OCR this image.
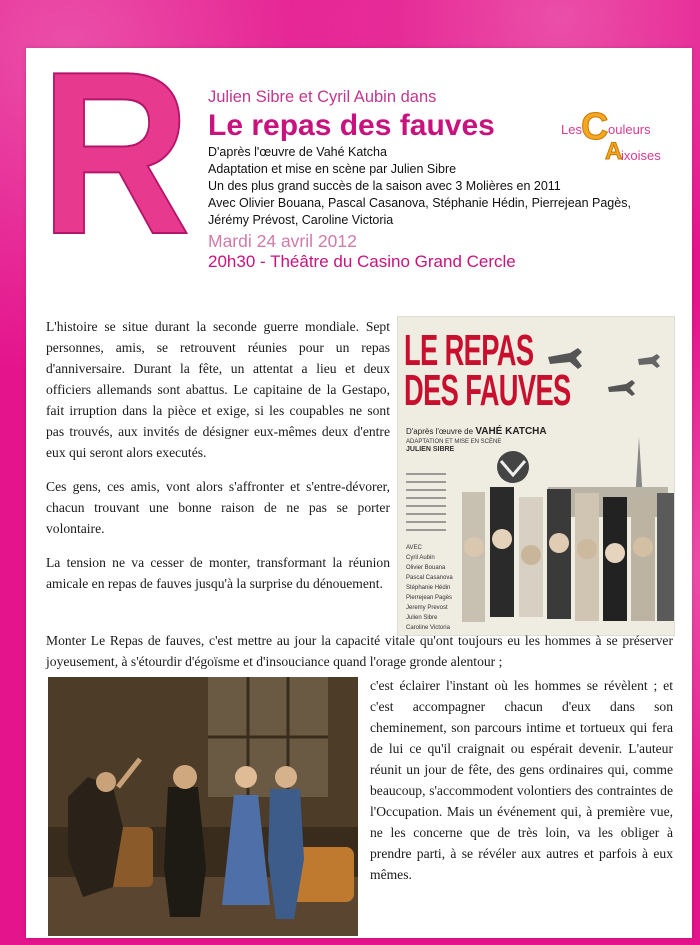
R Julien Sibre et Cyril Aubin dans

Le repas des fauves

D'après l'œuvre de Vahé Katcha

Adaptation et mise en scène par Julien Sibre

Un des plus grand succès de la saison avec 3 Molières en 2011

Avec Olivier Bouana, Pascal Casanova, Stéphanie Hédin, Pierrejean Pagès,

Jérémy Prévost, Caroline Victoria

Mardi 24 avril 2012
20h30 - Théâtre du Casino Grand Cercle
Les C ouleurs
A
ixoises

L'histoire se situe durant la seconde guerre mondiale. Sept personnes, amis, se retrouvent réunies pour un repas d'anniversaire. Durant la fête, un attentat a lieu et deux officiers allemands sont abattus. Le capitaine de la Gestapo, fait irruption dans la pièce et exige, si les coupables ne sont pas trouvés, aux invités de désigner eux-mêmes deux d'entre eux qui seront alors executés.

Ces gens, ces amis, vont alors s'affronter et s'entre-dévorer, chacun trouvant une bonne raison de ne pas se porter volontaire.

La tension ne va cesser de monter, transformant la réunion amicale en repas de fauves jusqu'à la surprise du dénouement.

LE REPAS
DES FAUVES
D'après l'œuvre de VAHÉ KATCHA
ADAPTATION ET MISE EN SCÈNE
JULIEN SIBRE
AVEC
Cyril Aubin
Olivier Bouana
Pascal Casanova
Stéphanie Hédin
Pierrejean Pagès
Jeremy Prevost
Julien Sibre
Caroline Victoria

Monter Le Repas de fauves, c'est mettre au jour la capacité vitale qu'ont toujours eu les hommes à se préserver joyeusement, à s'étourdir d'égoïsme et d'insouciance quand l'orage gronde alentour ;

c'est éclairer l'instant où les hommes se révèlent ; et c'est accompagner chacun d'eux dans son cheminement, son parcours intime et tortueux qui fera de lui ce qu'il craignait ou espérait devenir. L'auteur réunit un jour de fête, des gens ordinaires qui, comme beaucoup, s'accommodent volontiers des contraintes de l'Occupation. Mais un événement qui, à première vue, ne les concerne que de très loin, va les obliger à prendre parti, à se révéler aux autres et parfois à eux mêmes.
